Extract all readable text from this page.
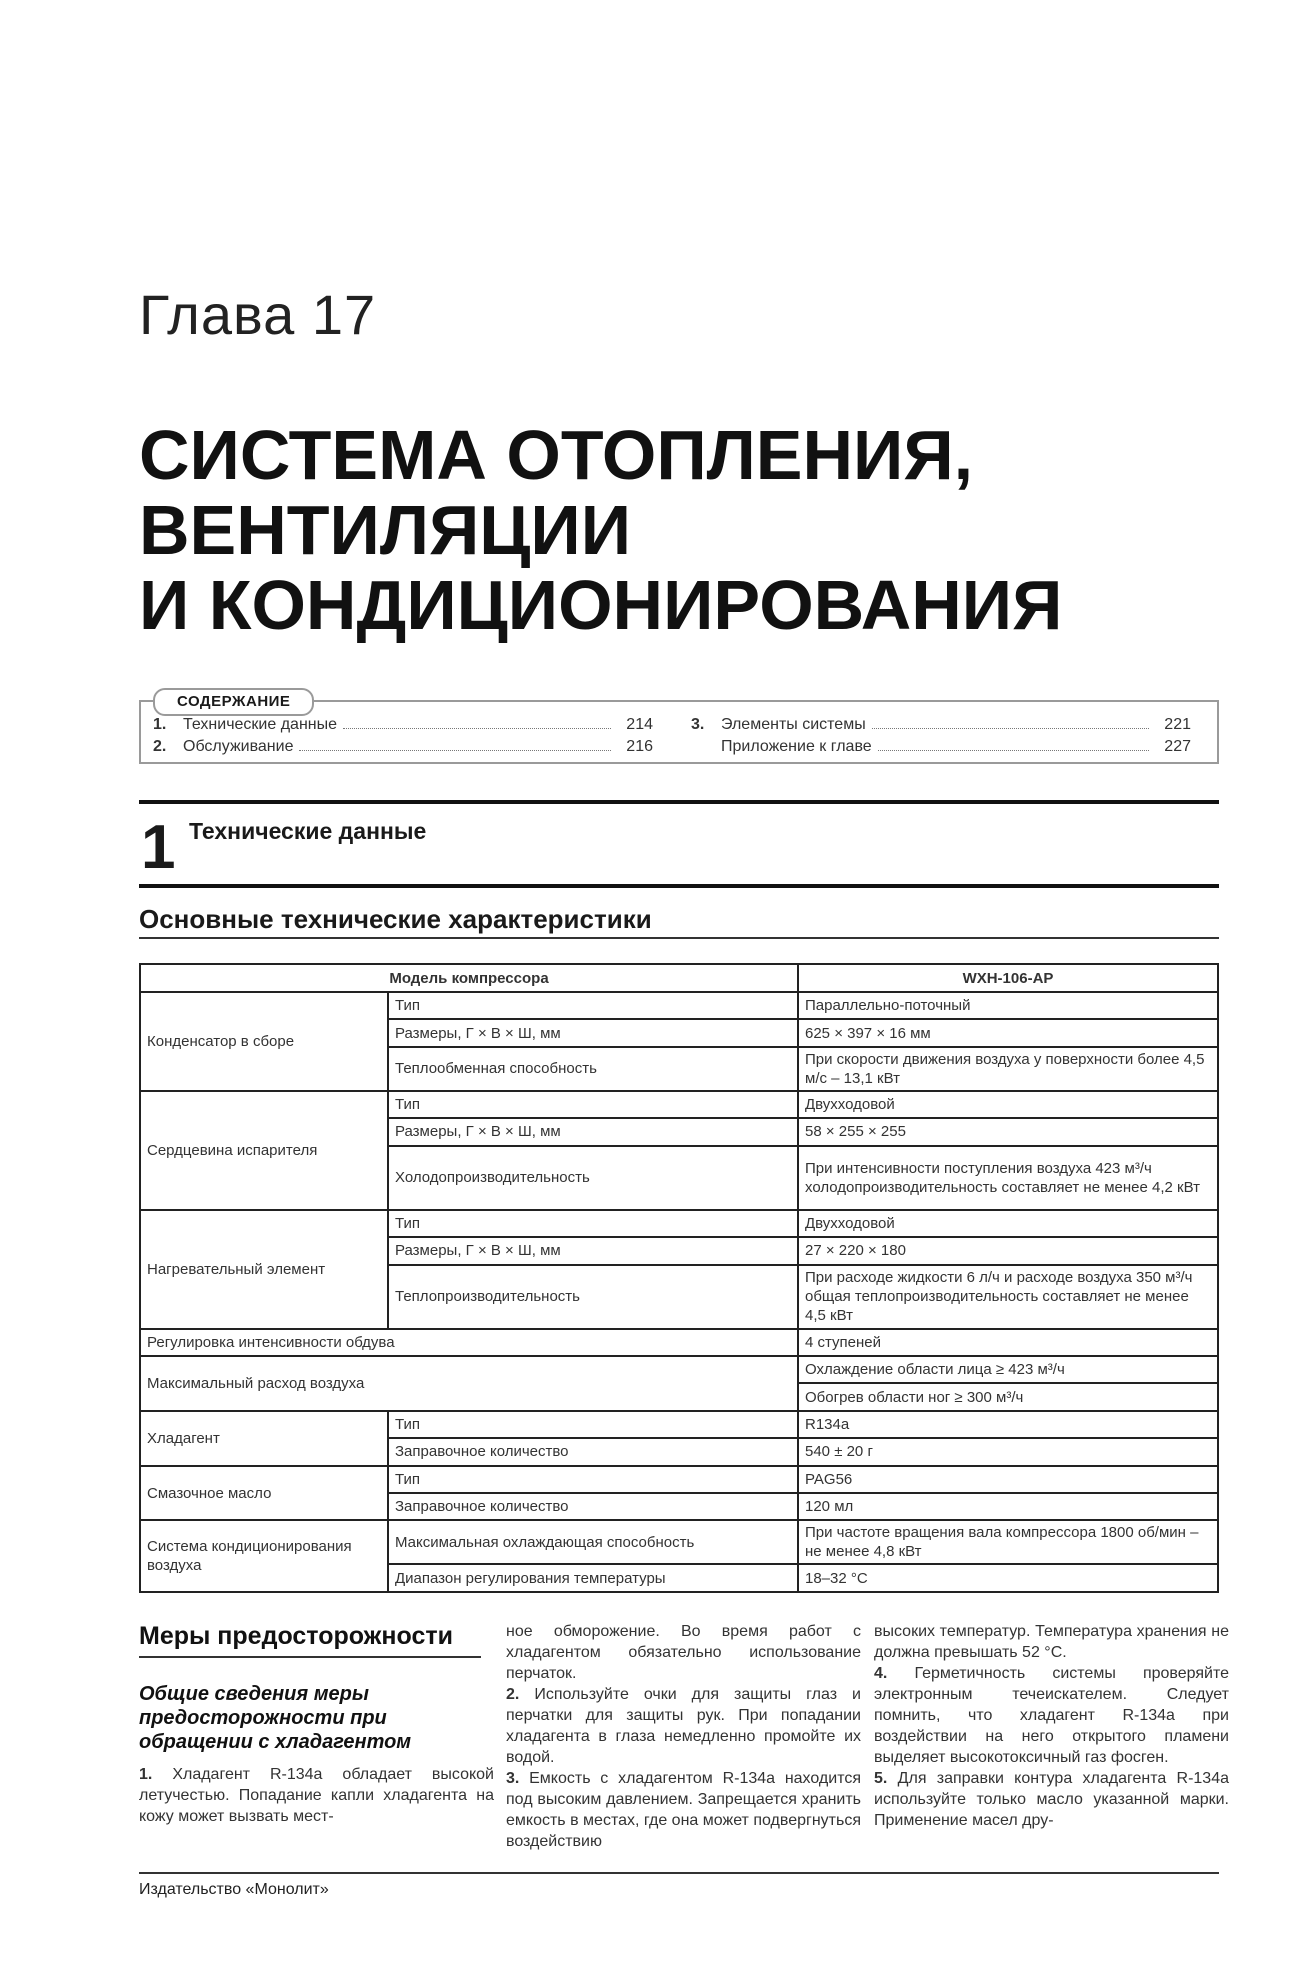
Глава 17
СИСТЕМА ОТОПЛЕНИЯ,
ВЕНТИЛЯЦИИ
И КОНДИЦИОНИРОВАНИЯ
СОДЕРЖАНИЕ
1.	Технические данные	214
2.	Обслуживание	216
3.	Элементы системы	221
Приложение к главе	227
1 Технические данные
Основные технические характеристики
Модель компрессора		WXH-106-AP
Конденсатор в сборе	Тип	Параллельно-поточный
	Размеры, Г × В × Ш, мм	625 × 397 × 16 мм
	Теплообменная способность	При скорости движения воздуха у поверхности более 4,5 м/с – 13,1 кВт
Сердцевина испарителя	Тип	Двухходовой
	Размеры, Г × В × Ш, мм	58 × 255 × 255
	Холодопроизводительность	При интенсивности поступления воздуха 423 м³/ч холодопроизводительность составляет не менее 4,2 кВт
Нагревательный элемент	Тип	Двухходовой
	Размеры, Г × В × Ш, мм	27 × 220 × 180
	Теплопроизводительность	При расходе жидкости 6 л/ч и расходе воздуха 350 м³/ч общая теплопроизводительность составляет не менее 4,5 кВт
Регулировка интенсивности обдува		4 ступеней
Максимальный расход воздуха		Охлаждение области лица ≥ 423 м³/ч
		Обогрев области ног ≥ 300 м³/ч
Хладагент	Тип	R134a
	Заправочное количество	540 ± 20 г
Смазочное масло	Тип	PAG56
	Заправочное количество	120 мл
Система кондиционирования воздуха	Максимальная охлаждающая способность	При частоте вращения вала компрессора 1800 об/мин – не менее 4,8 кВт
	Диапазон регулирования температуры	18–32 °С
Меры предосторожности
Общие сведения меры предосторожности при обращении с хладагентом

1. Хладагент R-134a обладает высокой летучестью. Попадание капли хладагента на кожу может вызвать мест-

ное обморожение. Во время работ с хладагентом обязательно использование перчаток.

2. Используйте очки для защиты глаз и перчатки для защиты рук. При попадании хладагента в глаза немедленно промойте их водой.

3. Емкость с хладагентом R-134a находится под высоким давлением. Запрещается хранить емкость в местах, где она может подвергнуться воздействию

высоких температур. Температура хранения не должна превышать 52 °С.

4. Герметичность системы проверяйте электронным течеискателем. Следует помнить, что хладагент R-134a при воздействии на него открытого пламени выделяет высокотоксичный газ фосген.

5. Для заправки контура хладагента R-134a используйте только масло указанной марки. Применение масел дру-

Издательство «Монолит»
